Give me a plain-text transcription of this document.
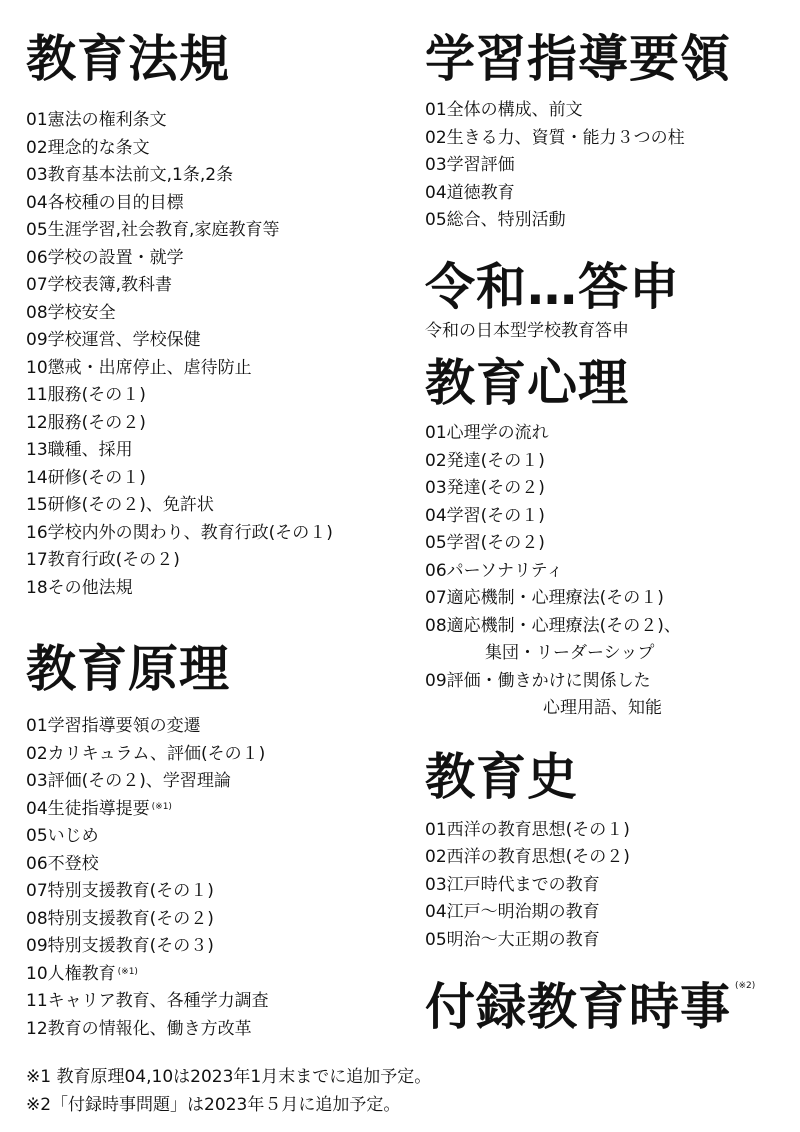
教育法規
01憲法の権利条文
02理念的な条文
03教育基本法前文,1条,2条
04各校種の目的目標
05生涯学習,社会教育,家庭教育等
06学校の設置・就学
07学校表簿,教科書
08学校安全
09学校運営、学校保健
10懲戒・出席停止、虐待防止
11服務(その１)
12服務(その２)
13職種、採用
14研修(その１)
15研修(その２)、免許状
16学校内外の関わり、教育行政(その１)
17教育行政(その２)
18その他法規
教育原理
01学習指導要領の変遷
02カリキュラム、評価(その１)
03評価(その２)、学習理論
04生徒指導提要 $^{(※1)}$
05いじめ
06不登校
07特別支援教育(その１)
08特別支援教育(その２)
09特別支援教育(その３)
10人権教育 $^{(※1)}$
11キャリア教育、各種学力調査
12教育の情報化、働き方改革
学習指導要領
01全体の構成、前文
02生きる力、資質・能力３つの柱
03学習評価
04道徳教育
05総合、特別活動
令和…答申
令和の日本型学校教育答申
教育心理
01心理学の流れ
02発達(その１)
03発達(その２)
04学習(その１)
05学習(その２)
06パーソナリティ
07適応機制・心理療法(その１)
08適応機制・心理療法(その２)、
集団・リーダーシップ
09評価・働きかけに関係した
心理用語、知能
教育史
01西洋の教育思想(その１)
02西洋の教育思想(その２)
03江戸時代までの教育
04江戸～明治期の教育
05明治～大正期の教育
付録教育時事 $^{(※2)}$
※1 教育原理04,10は2023年1月末までに追加予定。
※2「付録時事問題」は2023年５月に追加予定。
